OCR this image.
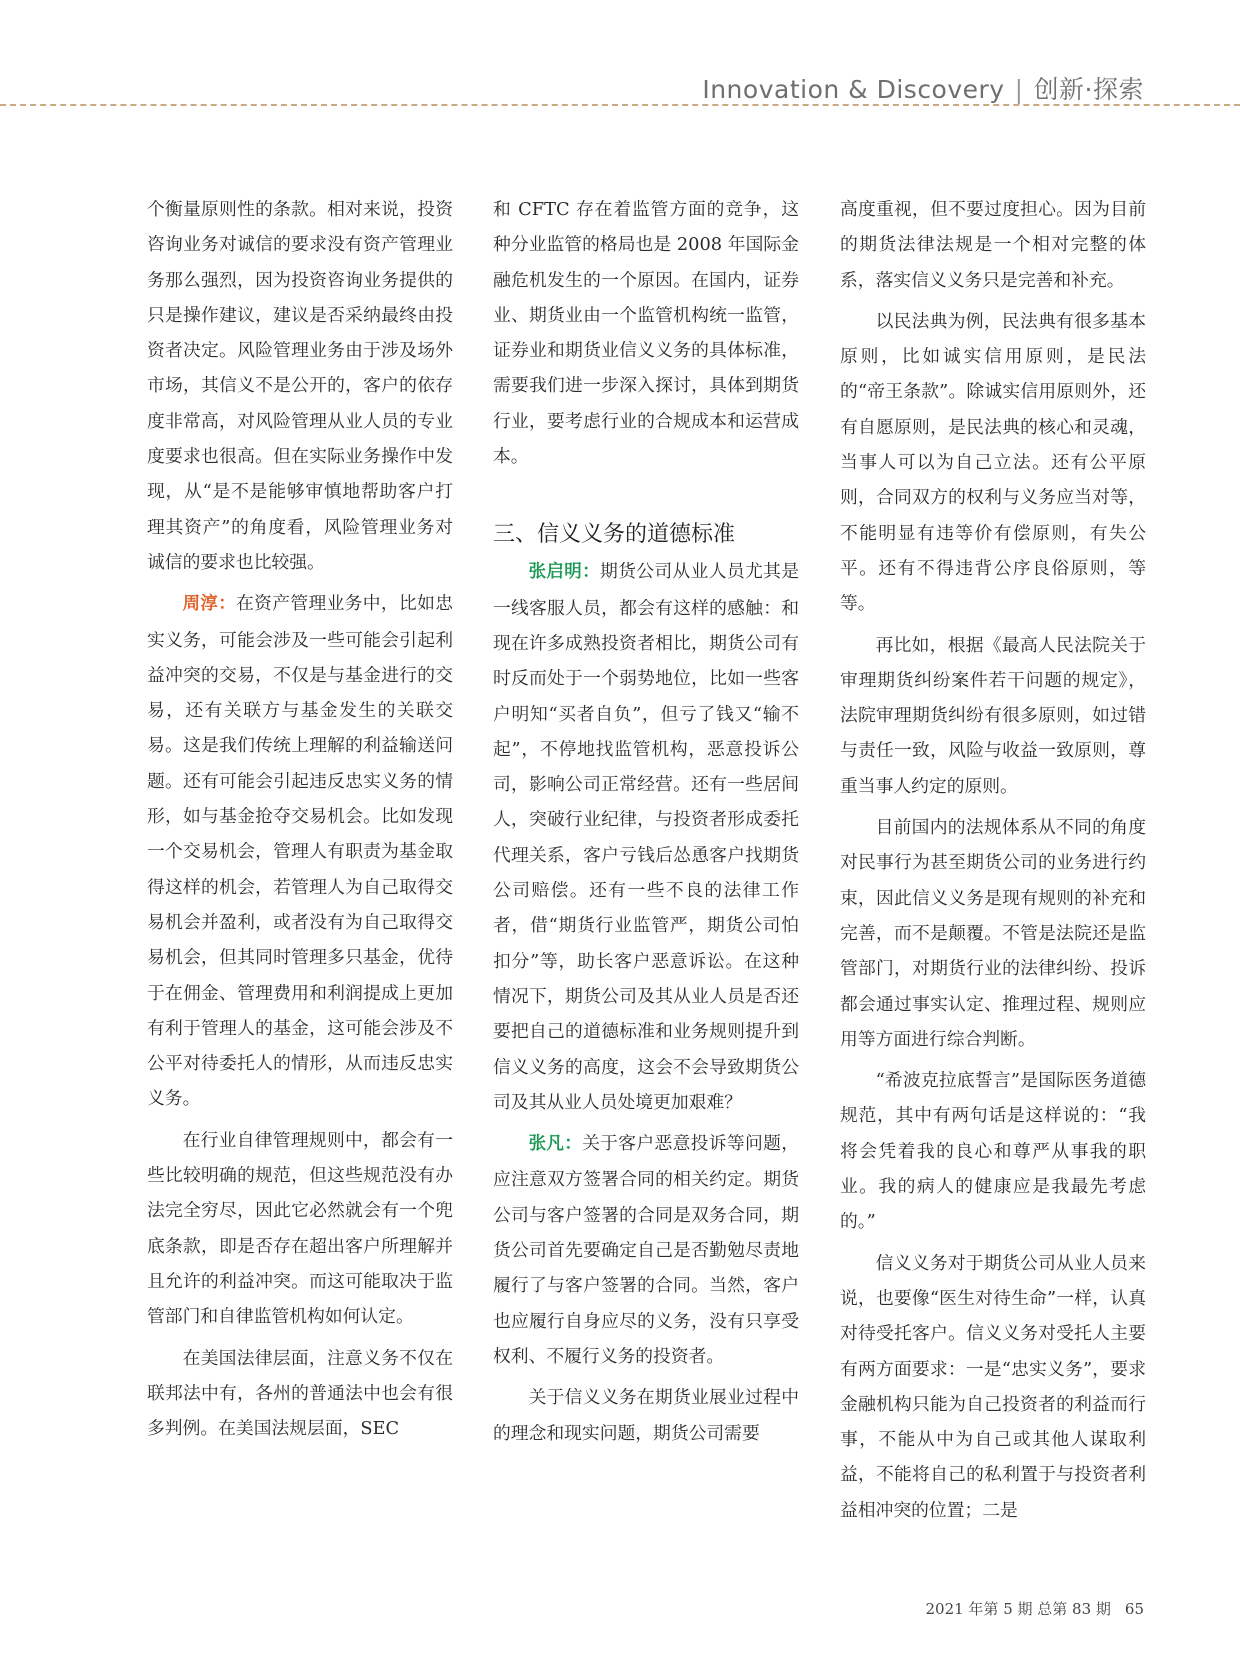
Innovation & Discovery | 创新·探索

个衡量原则性的条款。相对来说，投资咨询业务对诚信的要求没有资产管理业务那么强烈，因为投资咨询业务提供的只是操作建议，建议是否采纳最终由投资者决定。风险管理业务由于涉及场外市场，其信义不是公开的，客户的依存度非常高，对风险管理从业人员的专业度要求也很高。但在实际业务操作中发现，从“是不是能够审慎地帮助客户打理其资产”的角度看，风险管理业务对诚信的要求也比较强。

周淳：在资产管理业务中，比如忠实义务，可能会涉及一些可能会引起利益冲突的交易，不仅是与基金进行的交易，还有关联方与基金发生的关联交易。这是我们传统上理解的利益输送问题。还有可能会引起违反忠实义务的情形，如与基金抢夺交易机会。比如发现一个交易机会，管理人有职责为基金取得这样的机会，若管理人为自己取得交易机会并盈利，或者没有为自己取得交易机会，但其同时管理多只基金，优待于在佣金、管理费用和利润提成上更加有利于管理人的基金，这可能会涉及不公平对待委托人的情形，从而违反忠实义务。

在行业自律管理规则中，都会有一些比较明确的规范，但这些规范没有办法完全穷尽，因此它必然就会有一个兜底条款，即是否存在超出客户所理解并且允许的利益冲突。而这可能取决于监管部门和自律监管机构如何认定。

在美国法律层面，注意义务不仅在联邦法中有，各州的普通法中也会有很多判例。在美国法规层面，SEC

和 CFTC 存在着监管方面的竞争，这种分业监管的格局也是 2008 年国际金融危机发生的一个原因。在国内，证券业、期货业由一个监管机构统一监管，证券业和期货业信义义务的具体标准，需要我们进一步深入探讨，具体到期货行业，要考虑行业的合规成本和运营成本。

三、信义义务的道德标准

张启明：期货公司从业人员尤其是一线客服人员，都会有这样的感触：和现在许多成熟投资者相比，期货公司有时反而处于一个弱势地位，比如一些客户明知“买者自负”，但亏了钱又“输不起”，不停地找监管机构，恶意投诉公司，影响公司正常经营。还有一些居间人，突破行业纪律，与投资者形成委托代理关系，客户亏钱后怂恿客户找期货公司赔偿。还有一些不良的法律工作者，借“期货行业监管严，期货公司怕扣分”等，助长客户恶意诉讼。在这种情况下，期货公司及其从业人员是否还要把自己的道德标准和业务规则提升到信义义务的高度，这会不会导致期货公司及其从业人员处境更加艰难？

张凡：关于客户恶意投诉等问题，应注意双方签署合同的相关约定。期货公司与客户签署的合同是双务合同，期货公司首先要确定自己是否勤勉尽责地履行了与客户签署的合同。当然，客户也应履行自身应尽的义务，没有只享受权利、不履行义务的投资者。

关于信义义务在期货业展业过程中的理念和现实问题，期货公司需要

高度重视，但不要过度担心。因为目前的期货法律法规是一个相对完整的体系，落实信义义务只是完善和补充。

以民法典为例，民法典有很多基本原则，比如诚实信用原则，是民法的“帝王条款”。除诚实信用原则外，还有自愿原则，是民法典的核心和灵魂，当事人可以为自己立法。还有公平原则，合同双方的权利与义务应当对等，不能明显有违等价有偿原则，有失公平。还有不得违背公序良俗原则，等等。

再比如，根据《最高人民法院关于审理期货纠纷案件若干问题的规定》，法院审理期货纠纷有很多原则，如过错与责任一致，风险与收益一致原则，尊重当事人约定的原则。

目前国内的法规体系从不同的角度对民事行为甚至期货公司的业务进行约束，因此信义义务是现有规则的补充和完善，而不是颠覆。不管是法院还是监管部门，对期货行业的法律纠纷、投诉都会通过事实认定、推理过程、规则应用等方面进行综合判断。

“希波克拉底誓言”是国际医务道德规范，其中有两句话是这样说的：“我将会凭着我的良心和尊严从事我的职业。我的病人的健康应是我最先考虑的。”

信义义务对于期货公司从业人员来说，也要像“医生对待生命”一样，认真对待受托客户。信义义务对受托人主要有两方面要求：一是“忠实义务”，要求金融机构只能为自己投资者的利益而行事，不能从中为自己或其他人谋取利益，不能将自己的私利置于与投资者利益相冲突的位置；二是

2021 年第 5 期 总第 83 期 65
